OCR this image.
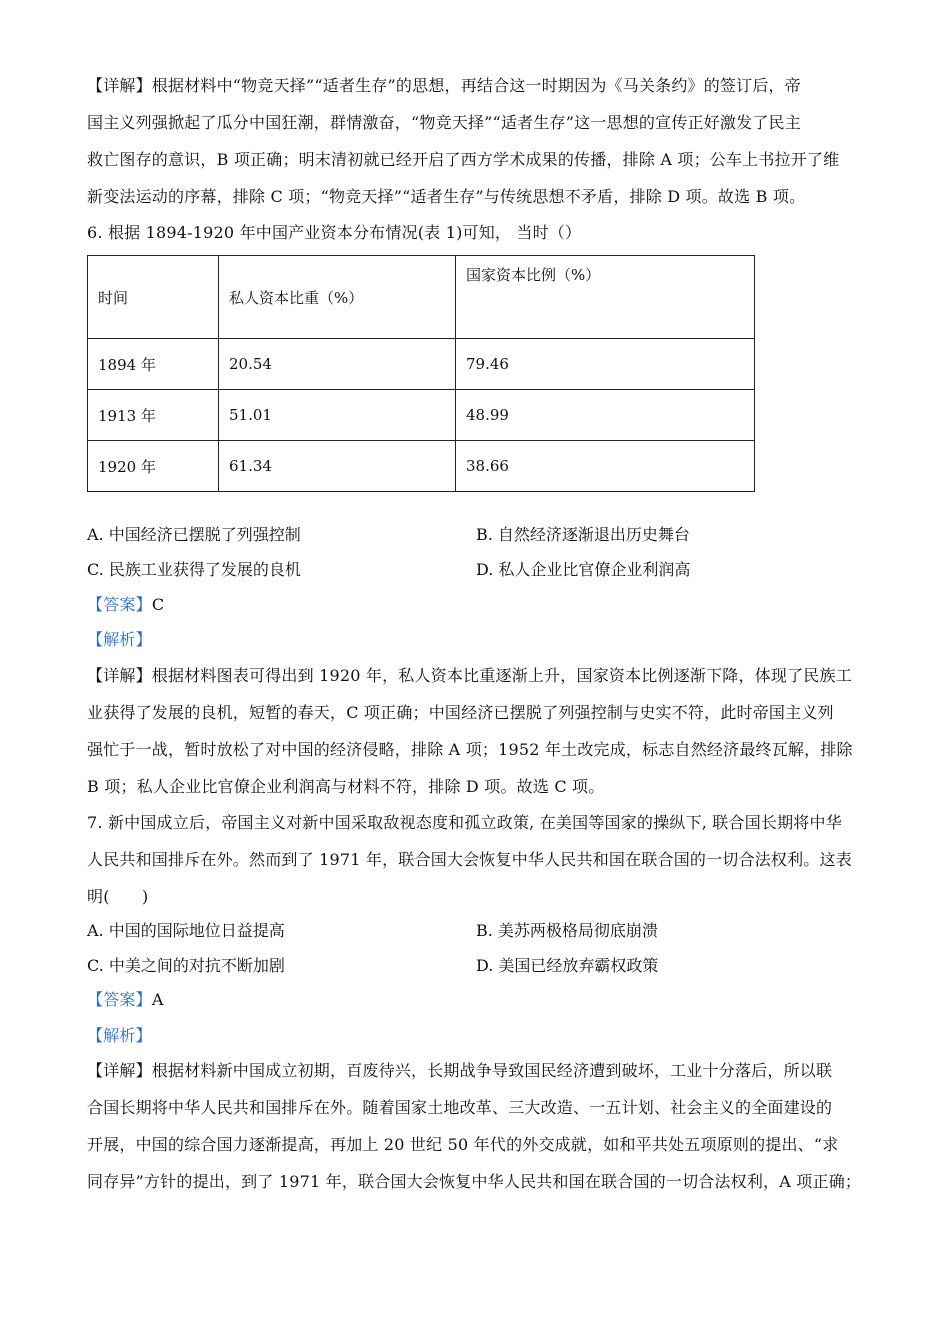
【详解】根据材料中“物竞天择”“适者生存”的思想，再结合这一时期因为《马关条约》的签订后，帝
国主义列强掀起了瓜分中国狂潮，群情激奋，“物竞天择”“适者生存”这一思想的宣传正好激发了民主
救亡图存的意识，B 项正确；明末清初就已经开启了西方学术成果的传播，排除 A 项；公车上书拉开了维
新变法运动的序幕，排除 C 项；“物竞天择”“适者生存”与传统思想不矛盾，排除 D 项。故选 B 项。
6. 根据 1894-1920 年中国产业资本分布情况(表 1)可知， 当时（）
时间	私人资本比重（%）	国家资本比例（%）
1894 年	20.54	79.46
1913 年	51.01	48.99
1920 年	61.34	38.66
A. 中国经济已摆脱了列强控制	B. 自然经济逐渐退出历史舞台
C. 民族工业获得了发展的良机	D. 私人企业比官僚企业利润高
【答案】C
【解析】
【详解】根据材料图表可得出到 1920 年，私人资本比重逐渐上升，国家资本比例逐渐下降，体现了民族工
业获得了发展的良机，短暂的春天，C 项正确；中国经济已摆脱了列强控制与史实不符，此时帝国主义列
强忙于一战，暂时放松了对中国的经济侵略，排除 A 项；1952 年土改完成，标志自然经济最终瓦解，排除
B 项；私人企业比官僚企业利润高与材料不符，排除 D 项。故选 C 项。
7. 新中国成立后，帝国主义对新中国采取敌视态度和孤立政策, 在美国等国家的操纵下, 联合国长期将中华
人民共和国排斥在外。然而到了 1971 年，联合国大会恢复中华人民共和国在联合国的一切合法权利。这表
明(　　)
A. 中国的国际地位日益提高	B. 美苏两极格局彻底崩溃
C. 中美之间的对抗不断加剧	D. 美国已经放弃霸权政策
【答案】A
【解析】
【详解】根据材料新中国成立初期，百废待兴，长期战争导致国民经济遭到破坏，工业十分落后，所以联
合国长期将中华人民共和国排斥在外。随着国家土地改革、三大改造、一五计划、社会主义的全面建设的
开展，中国的综合国力逐渐提高，再加上 20 世纪 50 年代的外交成就，如和平共处五项原则的提出、“求
同存异”方针的提出，到了 1971 年，联合国大会恢复中华人民共和国在联合国的一切合法权利，A 项正确；
